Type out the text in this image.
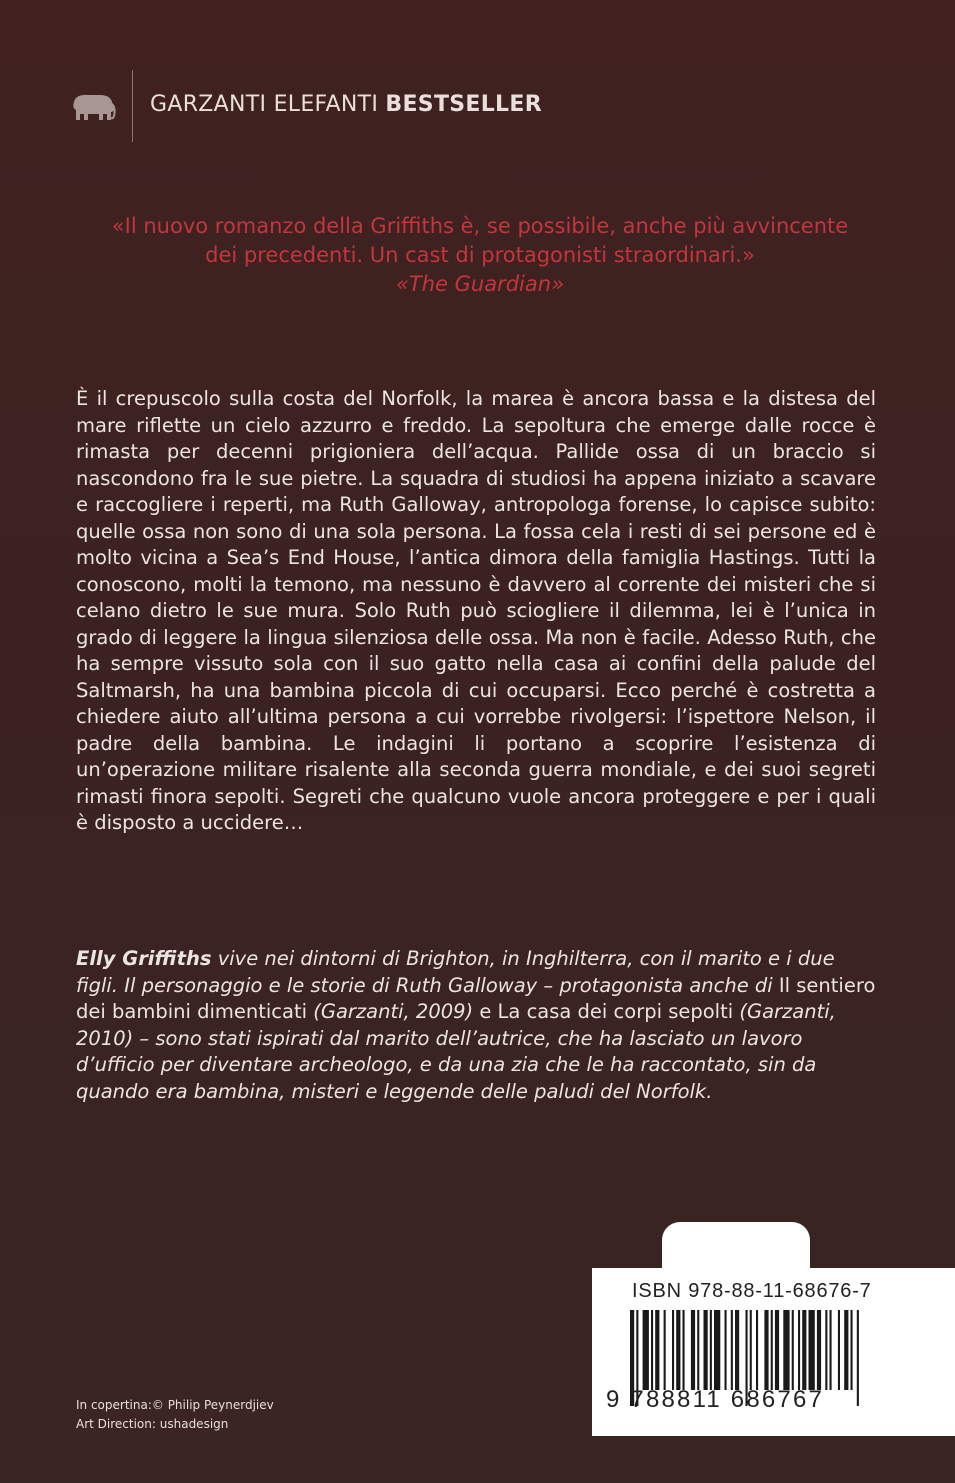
GARZANTI ELEFANTI BESTSELLER
«Il nuovo romanzo della Griffiths è, se possibile, anche più avvincente
dei precedenti. Un cast di protagonisti straordinari.»
«The Guardian»
È il crepuscolo sulla costa del Norfolk, la marea è ancora bassa e la distesa del mare riflette un cielo azzurro e freddo. La sepoltura che emerge dalle rocce è rimasta per decenni prigioniera dell’acqua. Pallide ossa di un braccio si nascondono fra le sue pietre. La squadra di studiosi ha appena iniziato a scavare e raccogliere i reperti, ma Ruth Galloway, antropologa forense, lo capisce subito: quelle ossa non sono di una sola persona. La fossa cela i resti di sei persone ed è molto vicina a Sea’s End House, l’antica dimora della famiglia Hastings. Tutti la conoscono, molti la temono, ma nessuno è davvero al corrente dei misteri che si celano dietro le sue mura. Solo Ruth può sciogliere il dilemma, lei è l’unica in grado di leggere la lingua silenziosa delle ossa. Ma non è facile. Adesso Ruth, che ha sempre vissuto sola con il suo gatto nella casa ai confini della palude del Saltmarsh, ha una bambina piccola di cui occuparsi. Ecco perché è costretta a chiedere aiuto all’ultima persona a cui vorrebbe rivolgersi: l’ispettore Nelson, il padre della bambina. Le indagini li portano a scoprire l’esistenza di un’operazione militare risalente alla seconda guerra mondiale, e dei suoi segreti rimasti finora sepolti. Segreti che qualcuno vuole ancora proteggere e per i quali è disposto a uccidere…
Elly Griffiths vive nei dintorni di Brighton, in Inghilterra, con il marito e i due figli. Il personaggio e le storie di Ruth Galloway – protagonista anche di Il sentiero dei bambini dimenticati (Garzanti, 2009) e La casa dei corpi sepolti (Garzanti, 2010) – sono stati ispirati dal marito dell’autrice, che ha lasciato un lavoro d’ufficio per diventare archeologo, e da una zia che le ha raccontato, sin da quando era bambina, misteri e leggende delle paludi del Norfolk.
ISBN 978-88-11-68676-7
9 788811 686767
In copertina:© Philip Peynerdjiev
Art Direction: ushadesign
